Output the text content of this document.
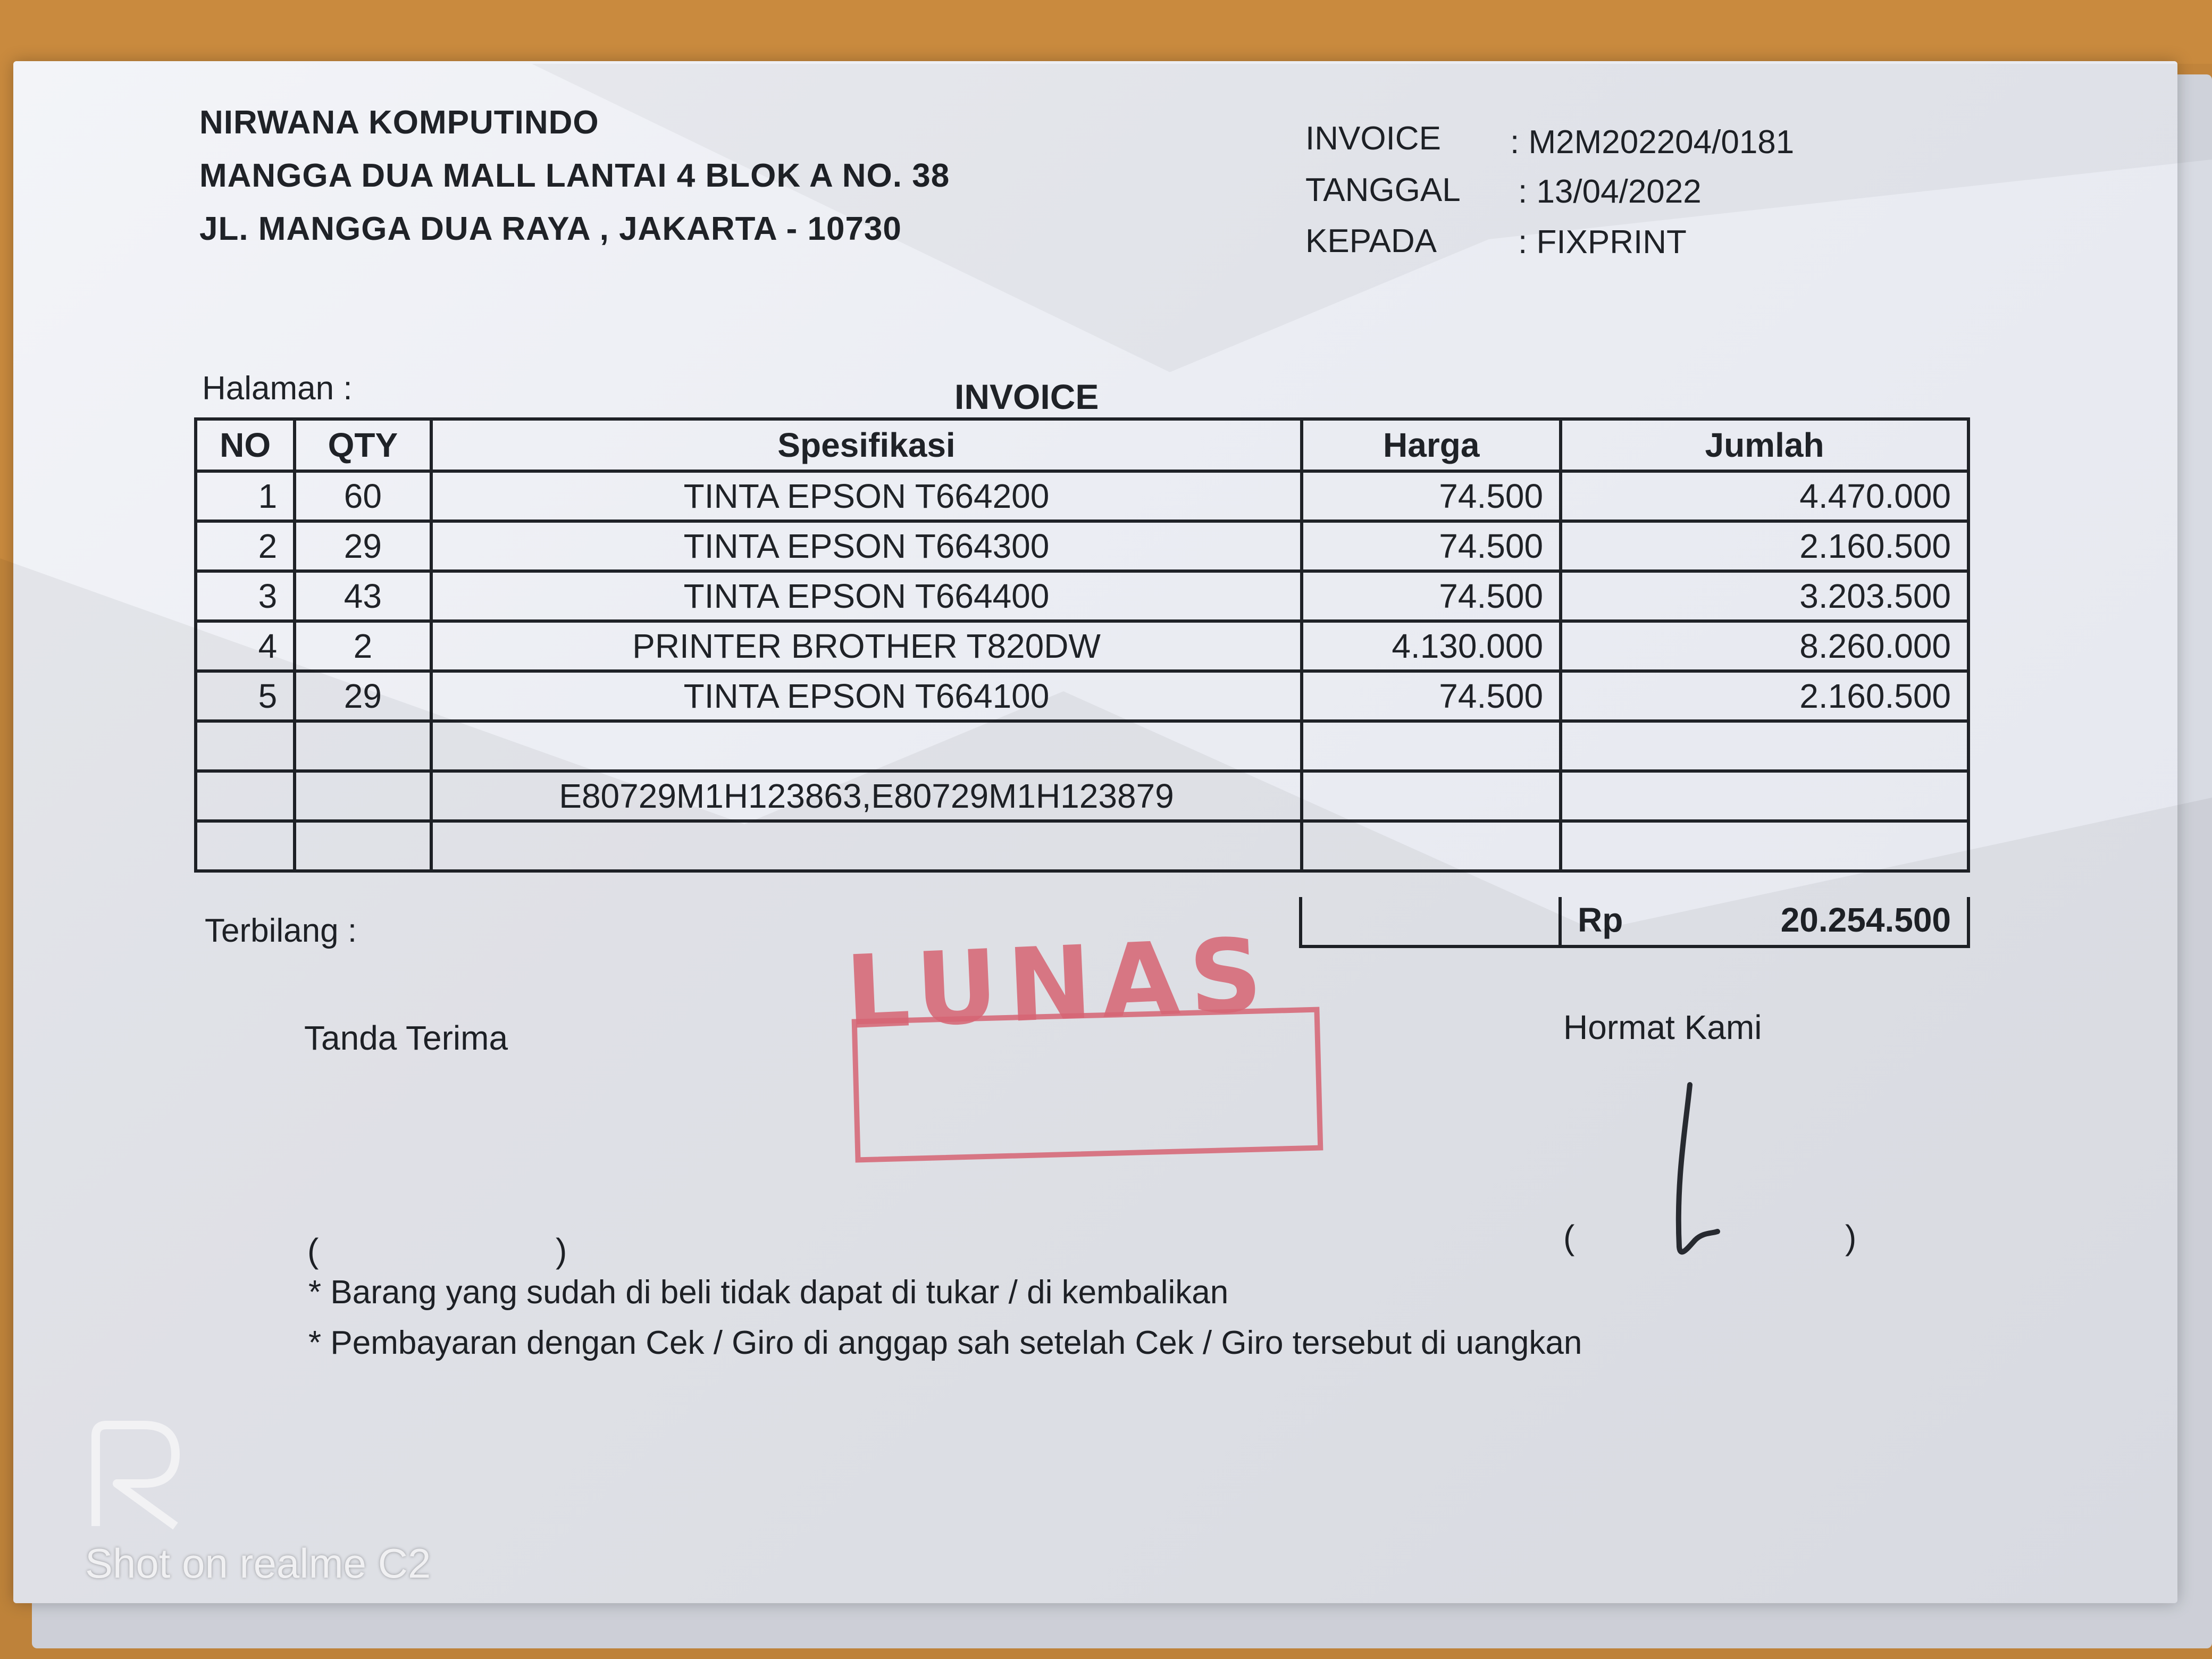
NIRWANA KOMPUTINDO
MANGGA DUA MALL LANTAI 4 BLOK A NO. 38
JL. MANGGA DUA RAYA , JAKARTA - 10730
INVOICE : M2M202204/0181
TANGGAL : 13/04/2022
KEPADA : FIXPRINT
Halaman :	INVOICE
NO	QTY	Spesifikasi	Harga	Jumlah
1	60	TINTA EPSON T664200	74.500	4.470.000
2	29	TINTA EPSON T664300	74.500	2.160.500
3	43	TINTA EPSON T664400	74.500	3.203.500
4	2	PRINTER BROTHER T820DW	4.130.000	8.260.000
5	29	TINTA EPSON T664100	74.500	2.160.500

		E80729M1H123863,E80729M1H123879		

Rp	20.254.500
Terbilang :	LUNAS
Tanda Terima	Hormat Kami
(	)	(	)
* Barang yang sudah di beli tidak dapat di tukar / di kembalikan
* Pembayaran dengan Cek / Giro di anggap sah setelah Cek / Giro tersebut di uangkan
Shot on realme C2
